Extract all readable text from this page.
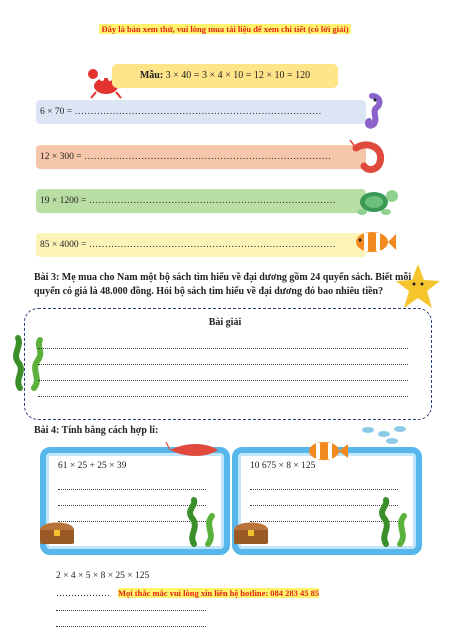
Đây là bản xem thử, vui lòng mua tài liệu để xem chi tiết (có lời giải)
Mẫu: 3 × 40 = 3 × 4 × 10 = 12 × 10 = 120
6 × 70 = ……………………………………………………………………
12 × 300 = ……………………………………………………………………
19 × 1200 = ……………………………………………………………………
85 × 4000 = ……………………………………………………………………
Bài 3: Mẹ mua cho Nam một bộ sách tìm hiểu về đại dương gồm 24 quyển sách. Biết mỗi quyển có giá là 48.000 đồng. Hỏi bộ sách tìm hiểu về đại dương đó bao nhiêu tiền?
Bài giải
Bài 4: Tính bằng cách hợp lí:
61 × 25 + 25 × 39	10 675 × 8 × 125
2 × 4 × 5 × 8 × 25 × 125
……………… Mọi thắc mắc vui lòng xin liên hệ hotline: 084 283 45 85
